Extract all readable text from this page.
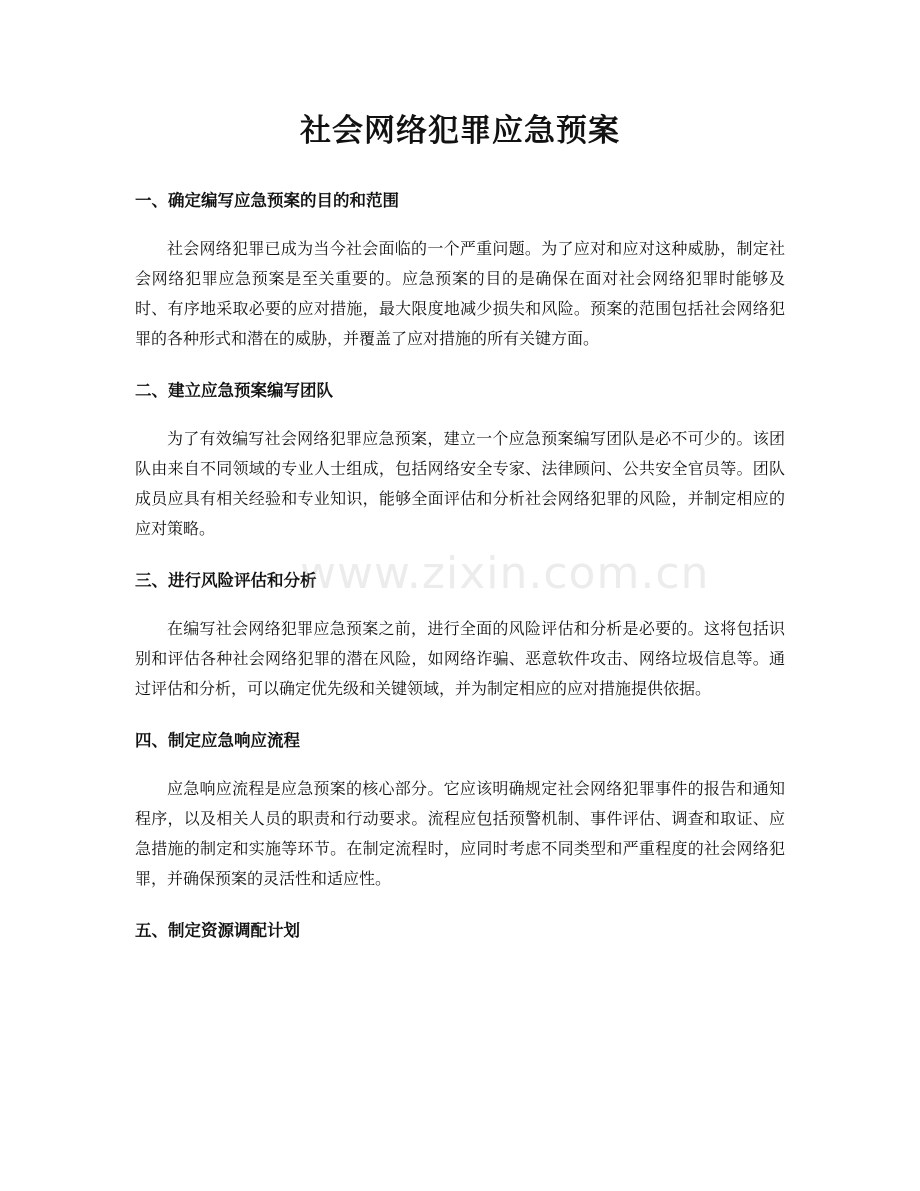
社会网络犯罪应急预案
一、确定编写应急预案的目的和范围

社会网络犯罪已成为当今社会面临的一个严重问题。为了应对和应对这种威胁，制定社会网络犯罪应急预案是至关重要的。应急预案的目的是确保在面对社会网络犯罪时能够及时、有序地采取必要的应对措施，最大限度地减少损失和风险。预案的范围包括社会网络犯罪的各种形式和潜在的威胁，并覆盖了应对措施的所有关键方面。

二、建立应急预案编写团队

为了有效编写社会网络犯罪应急预案，建立一个应急预案编写团队是必不可少的。该团队由来自不同领域的专业人士组成，包括网络安全专家、法律顾问、公共安全官员等。团队成员应具有相关经验和专业知识，能够全面评估和分析社会网络犯罪的风险，并制定相应的应对策略。

三、进行风险评估和分析

在编写社会网络犯罪应急预案之前，进行全面的风险评估和分析是必要的。这将包括识别和评估各种社会网络犯罪的潜在风险，如网络诈骗、恶意软件攻击、网络垃圾信息等。通过评估和分析，可以确定优先级和关键领域，并为制定相应的应对措施提供依据。

四、制定应急响应流程

应急响应流程是应急预案的核心部分。它应该明确规定社会网络犯罪事件的报告和通知程序，以及相关人员的职责和行动要求。流程应包括预警机制、事件评估、调查和取证、应急措施的制定和实施等环节。在制定流程时，应同时考虑不同类型和严重程度的社会网络犯罪，并确保预案的灵活性和适应性。

五、制定资源调配计划
www.zixin.com.cn
